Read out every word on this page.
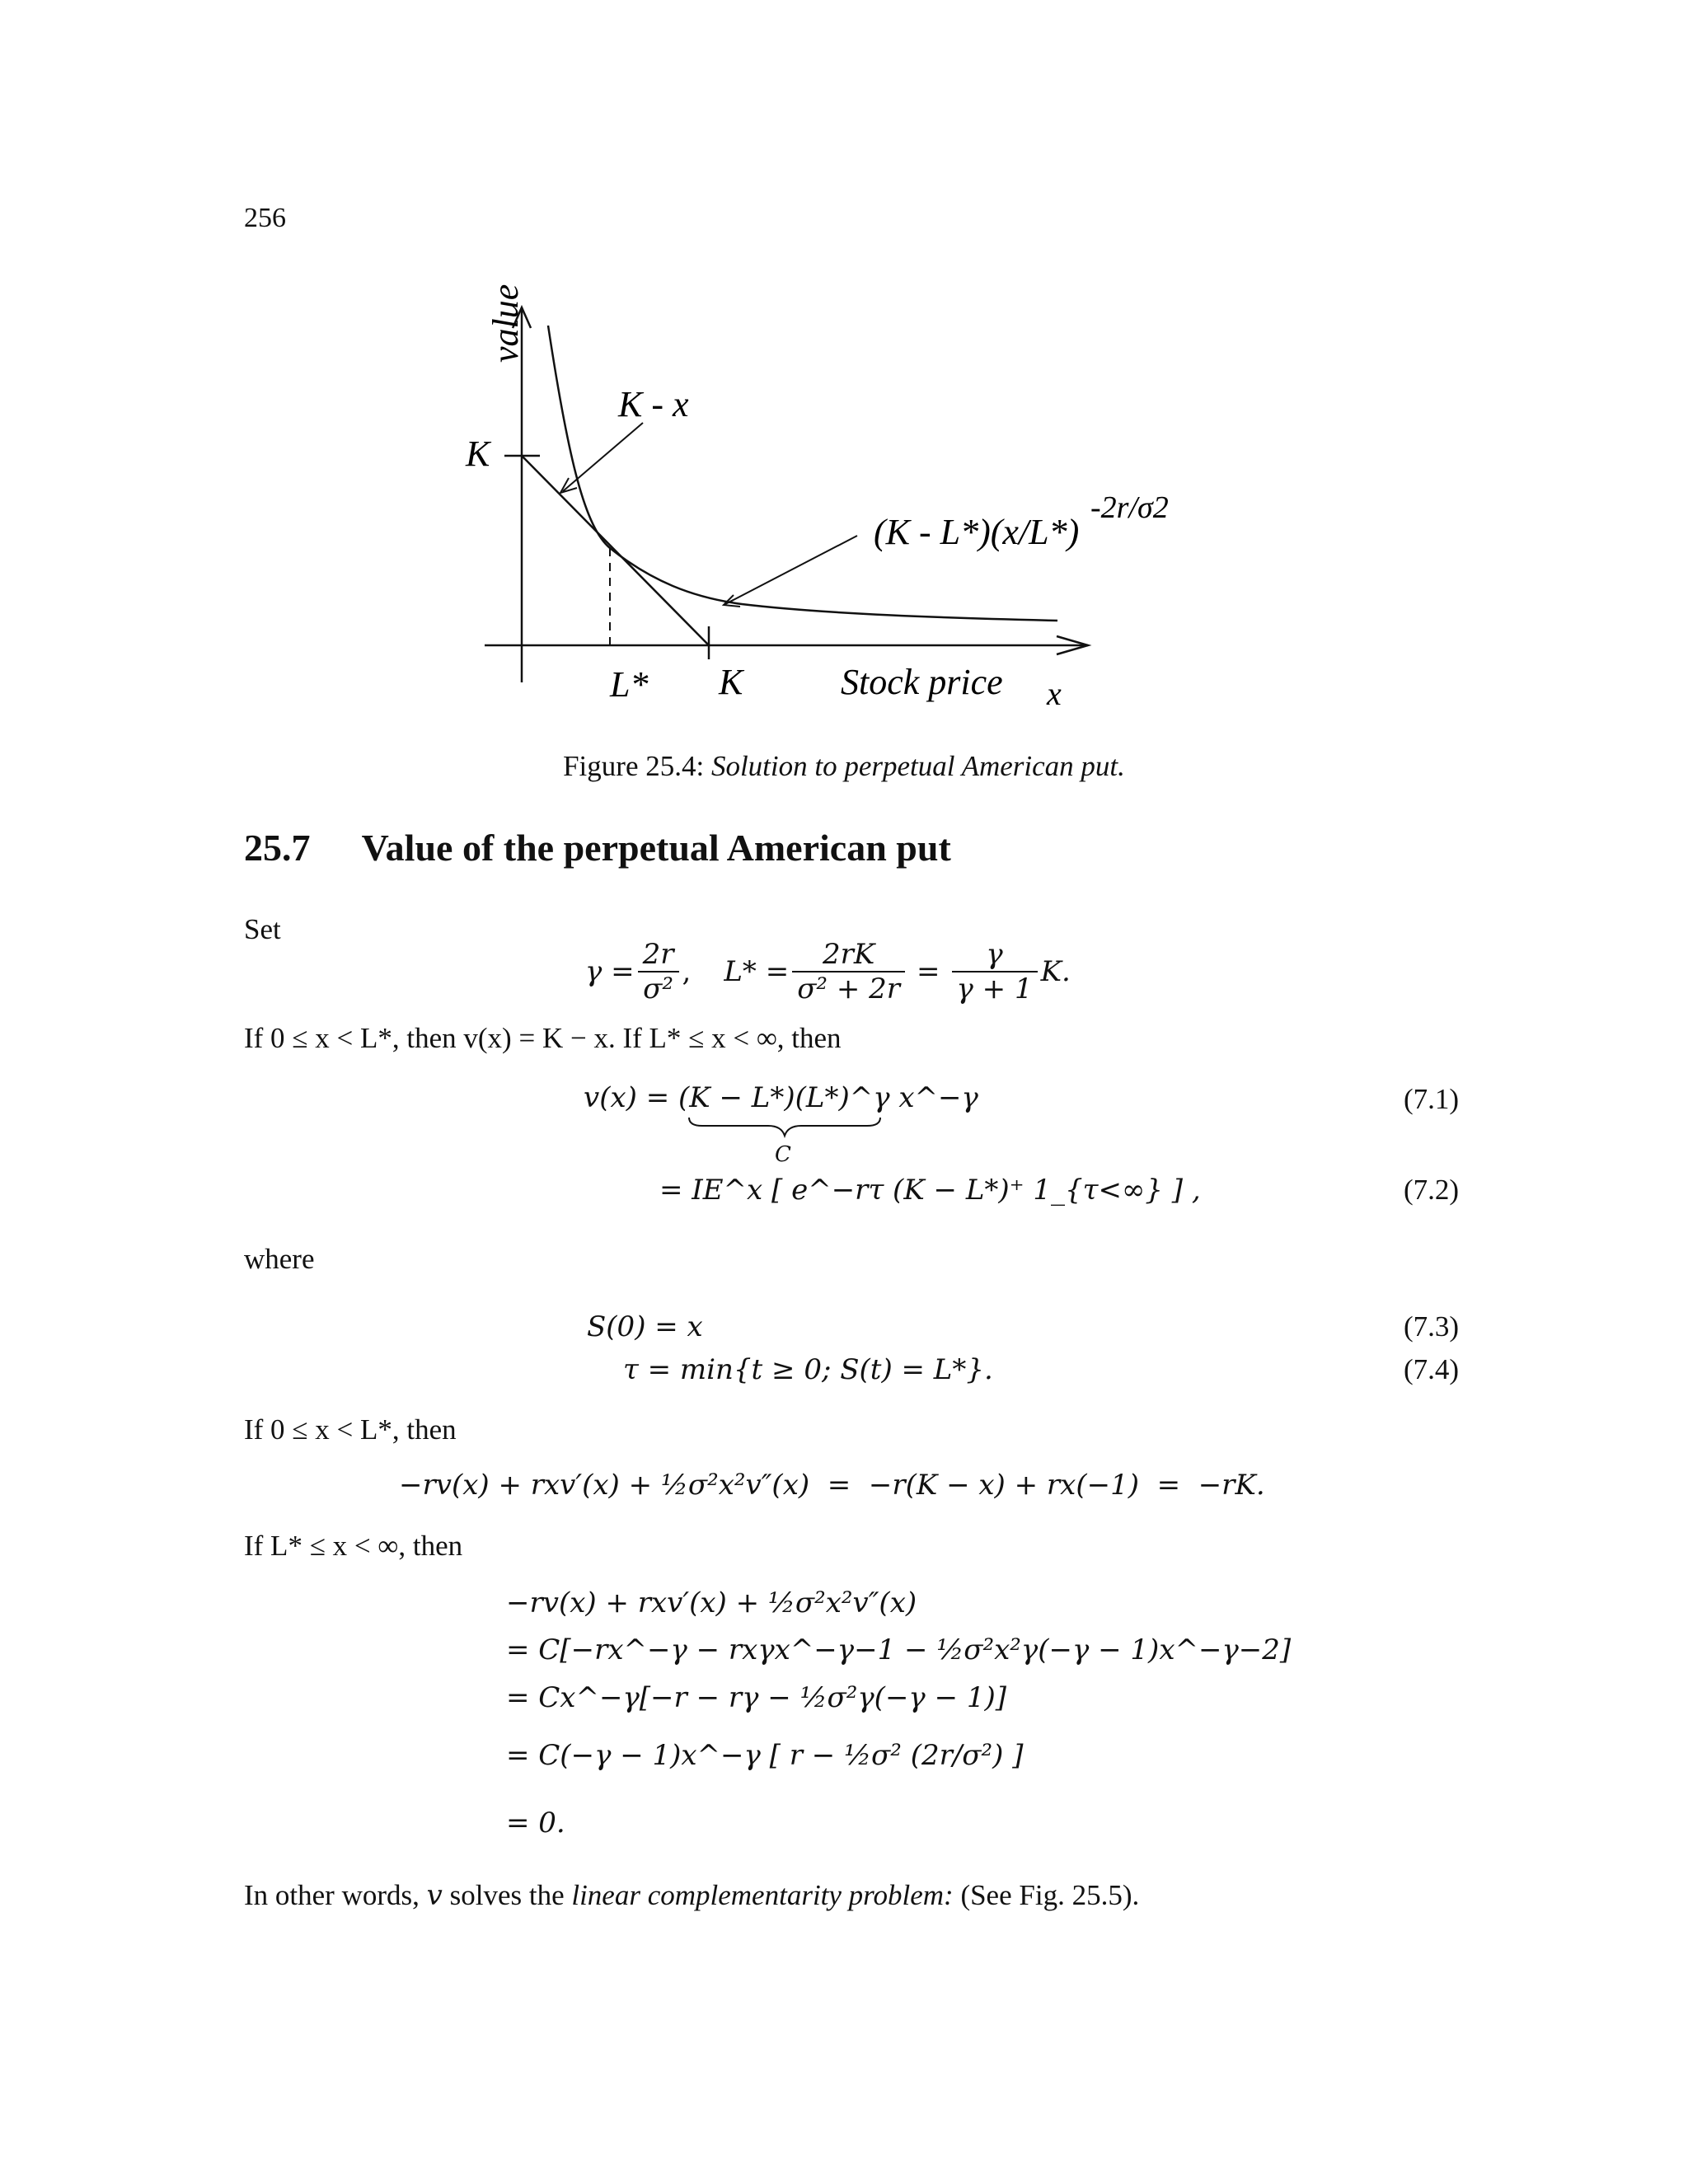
256
value
K
K - x
(K - L*)(x/L*)
-2r/σ2
L* K	Stock price x
Figure 25.4: Solution to perpetual American put.
25.7 Value of the perpetual American put
Set
$\gamma = \frac{2r}{\text{σ²}}$ , $L* = \frac{2rK}{\text{σ² + 2r}} = \frac{\gamma}{\gamma + 1} K$.
If 0 ≤ x < L*, then v(x) = K − x. If L* ≤ x < ∞, then
v(x) = (K − L*)(L*)^γ x^−γ
C
(7.1)
= IE^x [ e^−rτ (K − L*)⁺ 1_{τ<∞} ] ,	(7.2)
where
S(0) = x	(7.3)
τ = min{t ≥ 0; S(t) = L*}.	(7.4)
If 0 ≤ x < L*, then
−rv(x) + rxv′(x) + ½σ²x²v″(x)  =  −r(K − x) + rx(−1)  =  −rK.
If L* ≤ x < ∞, then
−rv(x) + rxv′(x) + ½σ²x²v″(x)
= C[−rx^−γ − rxγx^−γ−1 − ½σ²x²γ(−γ − 1)x^−γ−2]
= Cx^−γ[−r − rγ − ½σ²γ(−γ − 1)]
= C(−γ − 1)x^−γ [ r − ½σ² (2r/σ²) ]
= 0.
In other words, v solves the linear complementarity problem: (See Fig. 25.5).
